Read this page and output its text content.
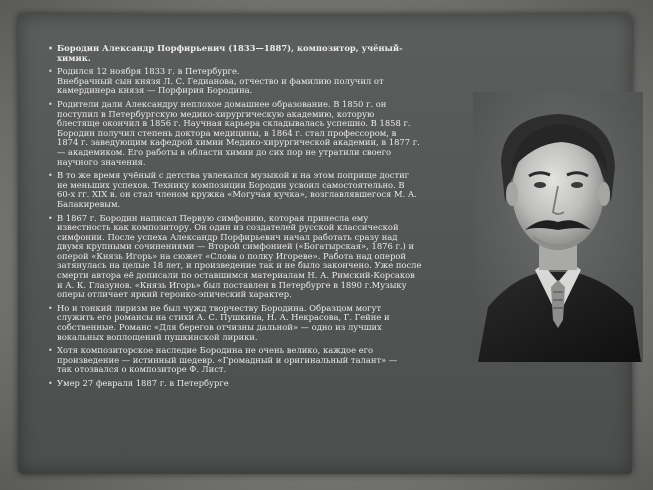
• Бородин Александр Порфирьевич (1833—1887), композитор, учёный-
химик.
• Родился 12 ноября 1833 г. в Петербурге.
Внебрачный сын князя Л. С. Гедианова, отчество и фамилию получил от
камердинера князя — Порфирия Бородина.
• Родители дали Александру неплохое домашнее образование. В 1850 г. он
поступил в Петербургскую медико-хирургическую академию, которую
блестяще окончил в 1856 г. Научная карьера складывалась успешно. В 1858 г.
Бородин получил степень доктора медицины, в 1864 г. стал профессором, в
1874 г. заведующим кафедрой химии Медико-хирургической академии, в 1877 г.
— академиком. Его работы в области химии до сих пор не утратили своего
научного значения.
• В то же время учёный с детства увлекался музыкой и на этом поприще достиг
не меньших успехов. Технику композиции Бородин усвоил самостоятельно. В
60-х гг. XIX в. он стал членом кружка «Могучая кучка», возглавлявшегося М. А.
Балакиревым.
• В 1867 г. Бородин написал Первую симфонию, которая принесла ему
известность как композитору. Он один из создателей русской классической
симфонии. После успеха Александр Порфирьевич начал работать сразу над
двумя крупными сочинениями — Второй симфонией («Богатырская», 1876 г.) и
оперой «Князь Игорь» на сюжет «Слова о полку Игореве». Работа над оперой
затянулась на целые 18 лет, и произведение так и не было закончено. Уже после
смерти автора её дописали по оставшимся материалам Н. А. Римский-Корсаков
и А. К. Глазунов. «Князь Игорь» был поставлен в Петербурге в 1890 г.Музыку
оперы отличает яркий героико-эпический характер.
• Но и тонкий лиризм не был чужд творчеству Бородина. Образцом могут
служить его романсы на стихи А. С. Пушкина, Н. А. Некрасова, Г. Гейне и
собственные. Романс «Для берегов отчизны дальной» — одно из лучших
вокальных воплощений пушкинской лирики.
• Хотя композиторское наследие Бородина не очень велико, каждое его
произведение — истинный шедевр. «Громадный и оригинальный талант» —
так отозвался о композиторе Ф. Лист.
• Умер 27 февраля 1887 г. в Петербурге
